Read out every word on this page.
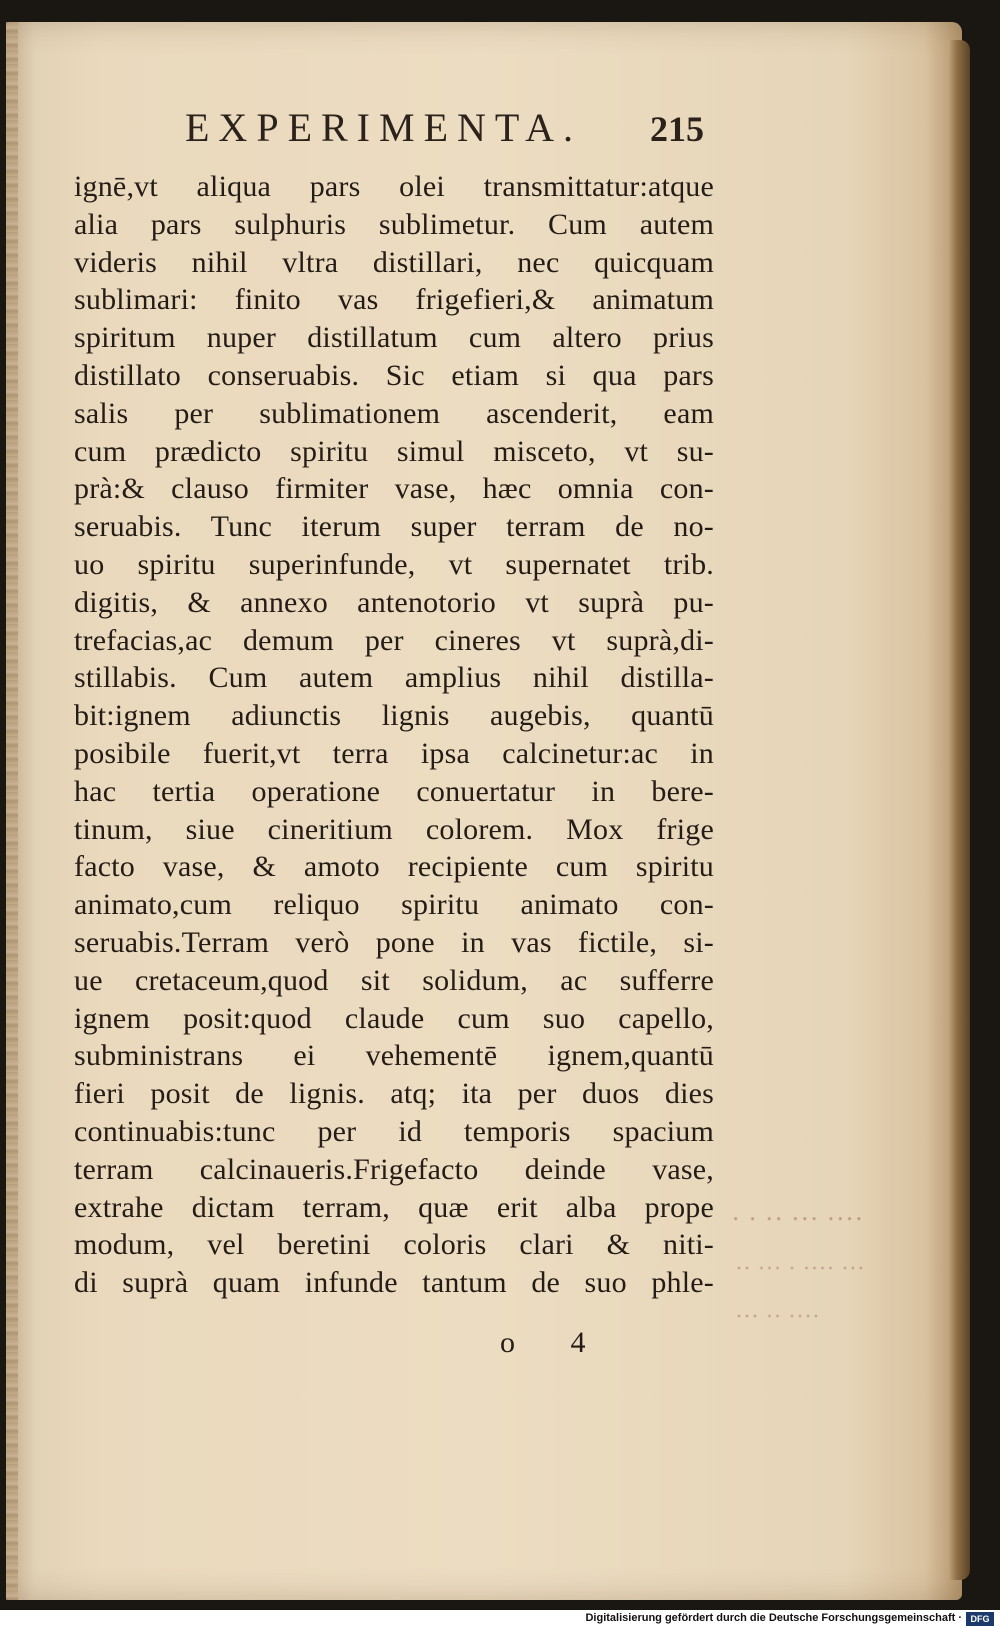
EXPERIMENTA.	215
ignē,vt aliqua pars olei transmittatur:atque
alia pars sulphuris sublimetur. Cum autem
videris nihil vltra distillari, nec quicquam
sublimari: finito vas frigefieri,& animatum
spiritum nuper distillatum cum altero prius
distillato conseruabis. Sic etiam si qua pars
salis per sublimationem ascenderit, eam
cum prædicto spiritu simul misceto, vt su-
prà:& clauso firmiter vase, hæc omnia con-
seruabis. Tunc iterum super terram de no-
uo spiritu superinfunde, vt supernatet trib.
digitis, & annexo antenotorio vt suprà pu-
trefacias,ac demum per cineres vt suprà,di-
stillabis. Cum autem amplius nihil distilla-
bit:ignem adiunctis lignis augebis, quantū
posibile fuerit,vt terra ipsa calcinetur:ac in
hac tertia operatione conuertatur in bere-
tinum, siue cineritium colorem. Mox frige
facto vase, & amoto recipiente cum spiritu
animato,cum reliquo spiritu animato con-
seruabis.Terram verò pone in vas fictile, si-
ue cretaceum,quod sit solidum, ac sufferre
ignem posit:quod claude cum suo capello,
subministrans ei vehementē ignem,quantū
fieri posit de lignis. atq; ita per duos dies
continuabis:tunc per id temporis spacium
terram calcinaueris.Frigefacto deinde vase,
extrahe dictam terram, quæ erit alba prope
modum, vel beretini coloris clari & niti-
di suprà quam infunde tantum de suo phle-
o 4
· · ·· ··· ····
·· ··· · ···· ···
··· ·· ····
Digitalisierung gefördert durch die Deutsche Forschungsgemeinschaft · DFG
